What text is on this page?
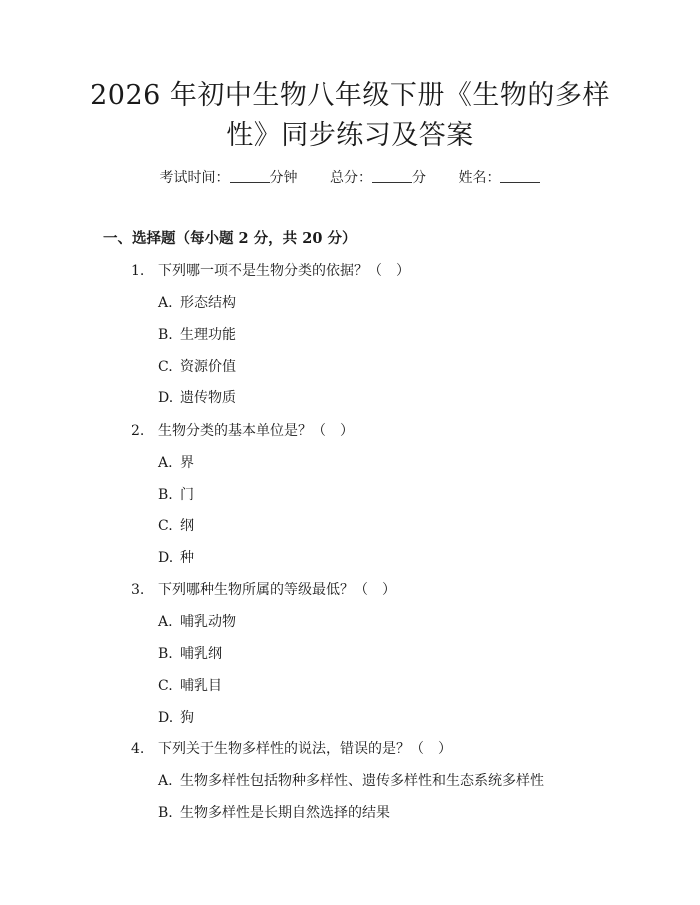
2026 年初中生物八年级下册《生物的多样
性》同步练习及答案
考试时间：	分钟 总分：	分 姓名：
一、选择题（每小题 2 分，共 20 分）
1. 下列哪一项不是生物分类的依据？（　）
A. 形态结构
B. 生理功能
C. 资源价值
D. 遗传物质
2. 生物分类的基本单位是？（　）
A. 界
B. 门
C. 纲
D. 种
3. 下列哪种生物所属的等级最低？（　）
A. 哺乳动物
B. 哺乳纲
C. 哺乳目
D. 狗
4. 下列关于生物多样性的说法，错误的是？（　）
A. 生物多样性包括物种多样性、遗传多样性和生态系统多样性
B. 生物多样性是长期自然选择的结果
